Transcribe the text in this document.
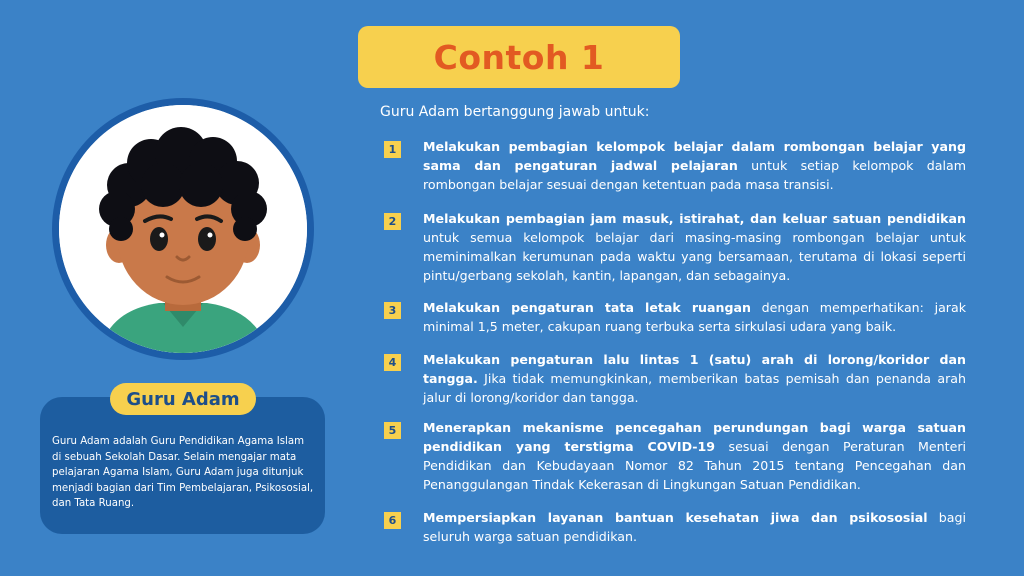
Contoh 1
Guru Adam
Guru Adam adalah Guru Pendidikan Agama Islam di sebuah Sekolah Dasar. Selain mengajar mata pelajaran Agama Islam, Guru Adam juga ditunjuk menjadi bagian dari Tim Pembelajaran, Psikososial, dan Tata Ruang.
Guru Adam bertanggung jawab untuk:
1	Melakukan pembagian kelompok belajar dalam rombongan belajar yang sama dan pengaturan jadwal pelajaran untuk setiap kelompok dalam rombongan belajar sesuai dengan ketentuan pada masa transisi.
2	Melakukan pembagian jam masuk, istirahat, dan keluar satuan pendidikan untuk semua kelompok belajar dari masing-masing rombongan belajar untuk meminimalkan kerumunan pada waktu yang bersamaan, terutama di lokasi seperti pintu/gerbang sekolah, kantin, lapangan, dan sebagainya.
3	Melakukan pengaturan tata letak ruangan dengan memperhatikan: jarak minimal 1,5 meter, cakupan ruang terbuka serta sirkulasi udara yang baik.
4	Melakukan pengaturan lalu lintas 1 (satu) arah di lorong/koridor dan tangga. Jika tidak memungkinkan, memberikan batas pemisah dan penanda arah jalur di lorong/koridor dan tangga.
5	Menerapkan mekanisme pencegahan perundungan bagi warga satuan pendidikan yang terstigma COVID-19 sesuai dengan Peraturan Menteri Pendidikan dan Kebudayaan Nomor 82 Tahun 2015 tentang Pencegahan dan Penanggulangan Tindak Kekerasan di Lingkungan Satuan Pendidikan.
6	Mempersiapkan layanan bantuan kesehatan jiwa dan psikososial bagi seluruh warga satuan pendidikan.
